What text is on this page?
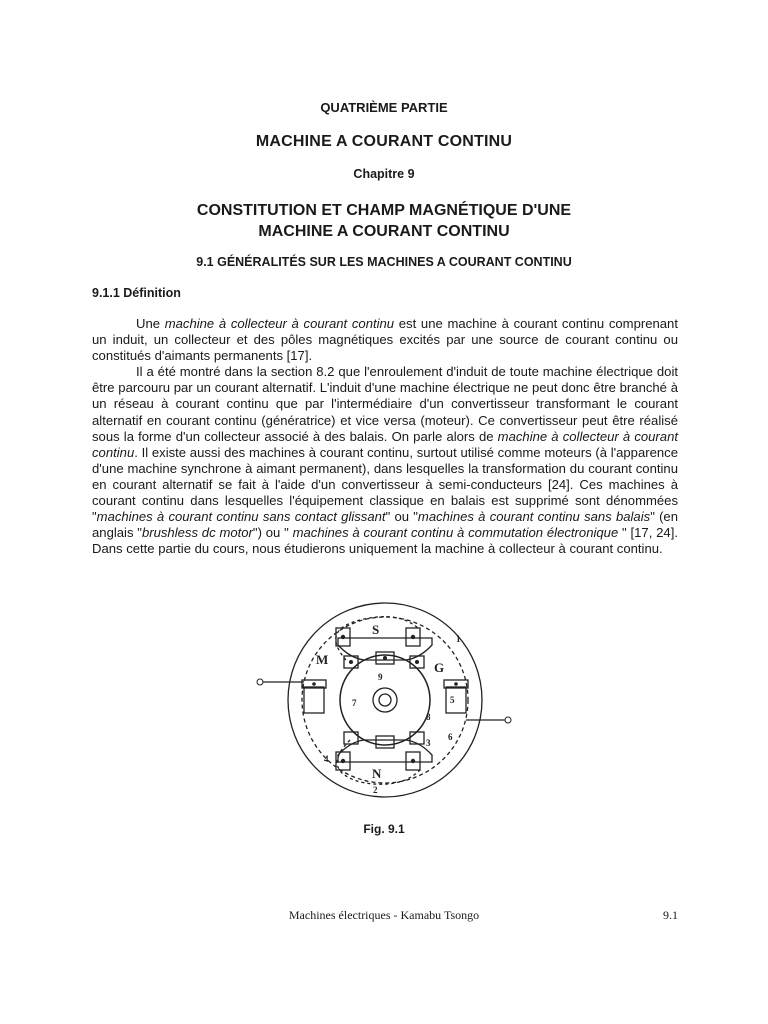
QUATRIÈME PARTIE
MACHINE A COURANT CONTINU
Chapitre 9
CONSTITUTION ET CHAMP MAGNÉTIQUE D'UNE
MACHINE A COURANT CONTINU
9.1 GÉNÉRALITÉS SUR LES MACHINES A COURANT CONTINU
9.1.1 Définition

Une machine à collecteur à courant continu est une machine à courant continu comprenant un induit, un collecteur et des pôles magnétiques excités par une source de courant continu ou constitués d'aimants permanents [17].

Il a été montré dans la section 8.2 que l'enroulement d'induit de toute machine électrique doit être parcouru par un courant alternatif. L'induit d'une machine électrique ne peut donc être branché à un réseau à courant continu que par l'intermédiaire d'un convertisseur transformant le courant alternatif en courant continu (génératrice) et vice versa (moteur). Ce convertisseur peut être réalisé sous la forme d'un collecteur associé à des balais. On parle alors de machine à collecteur à courant continu. Il existe aussi des machines à courant continu, surtout utilisé comme moteurs (à l'apparence d'une machine synchrone à aimant permanent), dans lesquelles la transformation du courant continu en courant alternatif se fait à l'aide d'un convertisseur à semi-conducteurs [24]. Ces machines à courant continu dans lesquelles l'équipement classique en balais est supprimé sont dénommées "machines à courant continu sans contact glissant" ou "machines à courant continu sans balais" (en anglais "brushless dc motor") ou " machines à courant continu à commutation électronique " [17, 24]. Dans cette partie du cours, nous étudierons uniquement la machine à collecteur à courant continu.

S
N
M
G
1
2
3
4
5
6
7
8
9
Fig. 9.1
Machines électriques - Kamabu Tsongo	9.1
